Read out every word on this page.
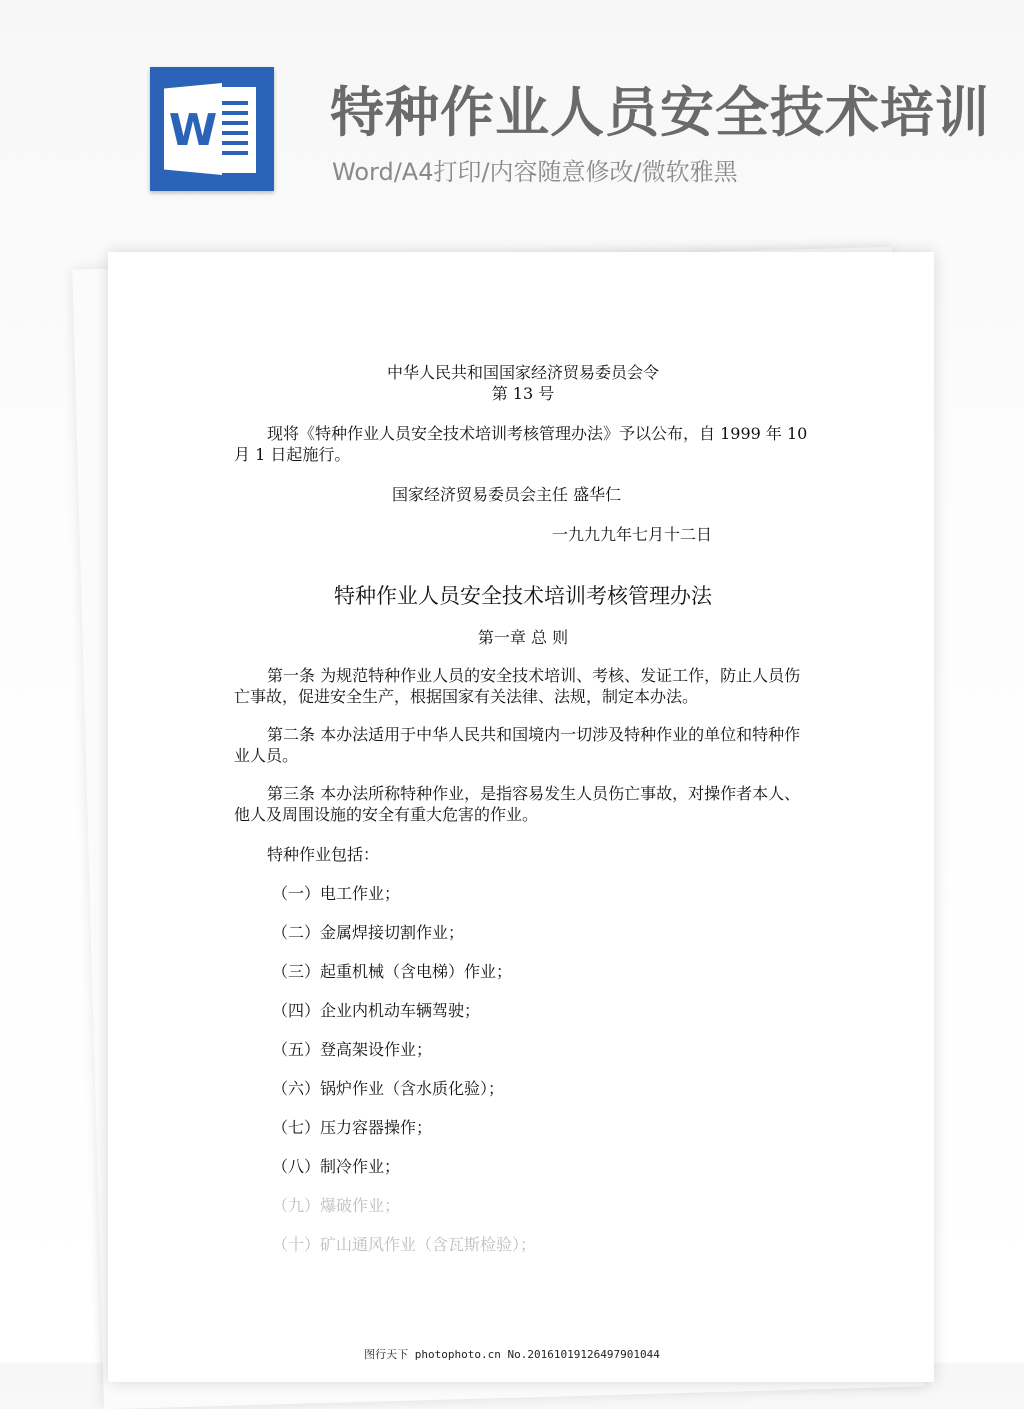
W 特种作业人员安全技术培训
Word/A4打印/内容随意修改/微软雅黑

中华人民共和国国家经济贸易委员会令

第 13 号

现将《特种作业人员安全技术培训考核管理办法》予以公布，自 1999 年 10 月 1 日起施行。

国家经济贸易委员会主任 盛华仁

一九九九年七月十二日

特种作业人员安全技术培训考核管理办法

第一章 总 则

第一条 为规范特种作业人员的安全技术培训、考核、发证工作，防止人员伤亡事故，促进安全生产，根据国家有关法律、法规，制定本办法。

第二条 本办法适用于中华人民共和国境内一切涉及特种作业的单位和特种作业人员。

第三条 本办法所称特种作业，是指容易发生人员伤亡事故，对操作者本人、他人及周围设施的安全有重大危害的作业。

特种作业包括：

（一）电工作业；

（二）金属焊接切割作业；

（三）起重机械（含电梯）作业；

（四）企业内机动车辆驾驶；

（五）登高架设作业；

（六）锅炉作业（含水质化验）；

（七）压力容器操作；

（八）制冷作业；

（九）爆破作业；

（十）矿山通风作业（含瓦斯检验）；

图行天下 photophoto.cn No.20161019126497901044
